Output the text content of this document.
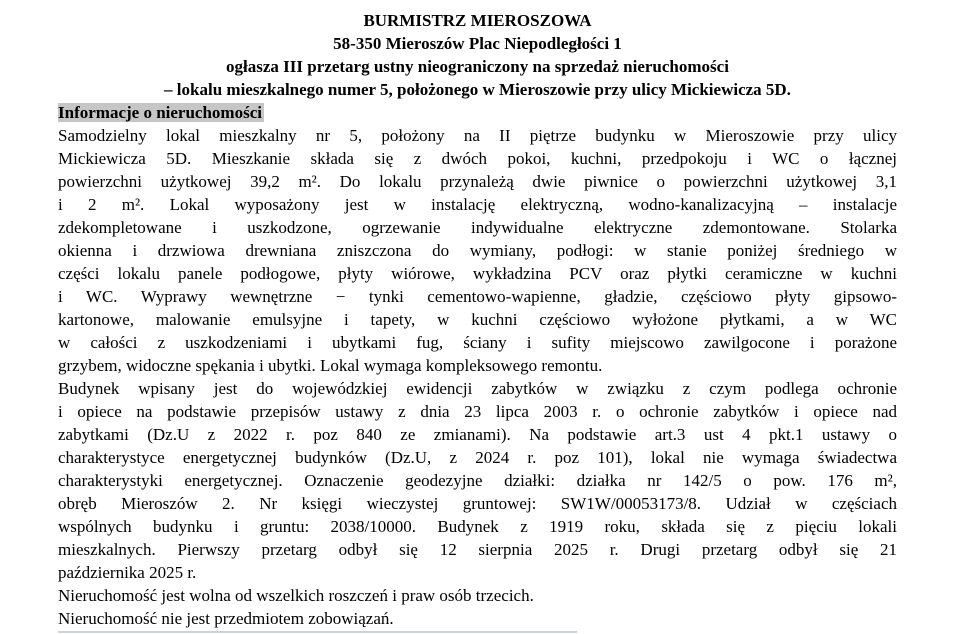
BURMISTRZ MIEROSZOWA
58-350 Mieroszów Plac Niepodległości 1
ogłasza III przetarg ustny nieograniczony na sprzedaż nieruchomości
– lokalu mieszkalnego numer 5, położonego w Mieroszowie przy ulicy Mickiewicza 5D.
Informacje o nieruchomości
Samodzielny lokal mieszkalny nr 5, położony na II piętrze budynku w Mieroszowie przy ulicy
Mickiewicza 5D. Mieszkanie składa się z dwóch pokoi, kuchni, przedpokoju i WC o łącznej
powierzchni użytkowej 39,2 m². Do lokalu przynależą dwie piwnice o powierzchni użytkowej 3,1
i 2 m². Lokal wyposażony jest w instalację elektryczną, wodno-kanalizacyjną – instalacje
zdekompletowane i uszkodzone, ogrzewanie indywidualne elektryczne zdemontowane. Stolarka
okienna i drzwiowa drewniana zniszczona do wymiany, podłogi: w stanie poniżej średniego w
części lokalu panele podłogowe, płyty wiórowe, wykładzina PCV oraz płytki ceramiczne w kuchni
i WC. Wyprawy wewnętrzne − tynki cementowo-wapienne, gładzie, częściowo płyty gipsowo-
kartonowe, malowanie emulsyjne i tapety, w kuchni częściowo wyłożone płytkami, a w WC
w całości z uszkodzeniami i ubytkami fug, ściany i sufity miejscowo zawilgocone i porażone
grzybem, widoczne spękania i ubytki. Lokal wymaga kompleksowego remontu.
Budynek wpisany jest do wojewódzkiej ewidencji zabytków w związku z czym podlega ochronie
i opiece na podstawie przepisów ustawy z dnia 23 lipca 2003 r. o ochronie zabytków i opiece nad
zabytkami (Dz.U z 2022 r. poz 840 ze zmianami). Na podstawie art.3 ust 4 pkt.1 ustawy o
charakterystyce energetycznej budynków (Dz.U, z 2024 r. poz 101), lokal nie wymaga świadectwa
charakterystyki energetycznej. Oznaczenie geodezyjne działki: działka nr 142/5 o pow. 176 m²,
obręb Mieroszów 2. Nr księgi wieczystej gruntowej: SW1W/00053173/8. Udział w częściach
wspólnych budynku i gruntu: 2038/10000. Budynek z 1919 roku, składa się z pięciu lokali
mieszkalnych. Pierwszy przetarg odbył się 12 sierpnia 2025 r. Drugi przetarg odbył się 21
października 2025 r.
Nieruchomość jest wolna od wszelkich roszczeń i praw osób trzecich.
Nieruchomość nie jest przedmiotem zobowiązań.
